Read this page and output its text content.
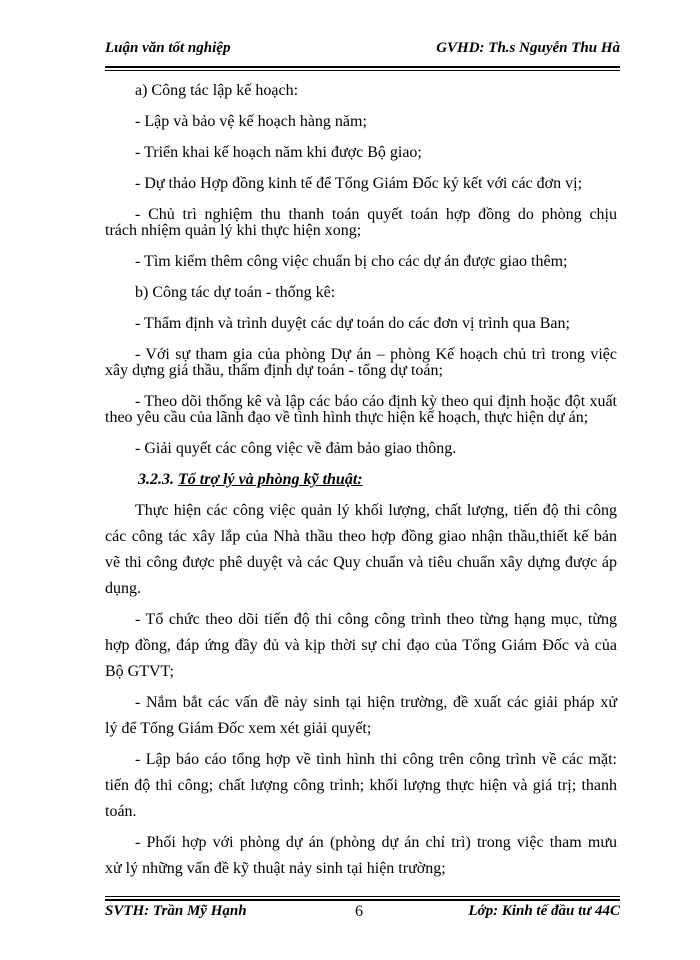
Luận văn tốt nghiệp	GVHD: Th.s Nguyễn Thu Hà
a) Công tác lập kế hoạch:
- Lập và bảo vệ kế hoạch hàng năm;
- Triển khai kế hoạch năm khi được Bộ giao;
- Dự thảo Hợp đồng kinh tế để Tổng Giám Đốc ký kết với các đơn vị;
- Chủ trì nghiệm thu thanh toán quyết toán hợp đồng do phòng chịu
trách nhiệm quản lý khi thực hiện xong;
- Tìm kiếm thêm công việc chuẩn bị cho các dự án được giao thêm;
b) Công tác dự toán - thống kê:
- Thẩm định và trình duyệt các dự toán do các đơn vị trình qua Ban;
- Với sự tham gia của phòng Dự án – phòng Kế hoạch chủ trì trong việc
xây dựng giá thầu, thẩm định dự toán - tổng dự toán;
- Theo dõi thống kê và lập các báo cáo định kỳ theo qui định hoặc đột xuất
theo yêu cầu của lãnh đạo về tình hình thực hiện kế hoạch, thực hiện dự án;
- Giải quyết các công việc về đảm bảo giao thông.
3.2.3. Tổ trợ lý và phòng kỹ thuật:
Thực hiện các công việc quản lý khối lượng, chất lượng, tiến độ thi công
các công tác xây lắp của Nhà thầu theo hợp đồng giao nhận thầu,thiết kế bản
vẽ thi công được phê duyệt và các Quy chuẩn và tiêu chuẩn xây dựng được áp
dụng.
- Tổ chức theo dõi tiến độ thi công công trình theo từng hạng mục, từng
hợp đồng, đáp ứng đầy đủ và kịp thời sự chỉ đạo của Tổng Giám Đốc và của
Bộ GTVT;
- Nắm bắt các vấn đề nảy sinh tại hiện trường, đề xuất các giải pháp xử
lý để Tổng Giám Đốc xem xét giải quyết;
- Lập báo cáo tổng hợp về tình hình thi công trên công trình về các mặt:
tiến độ thi công; chất lượng công trình; khối lượng thực hiện và giá trị; thanh
toán.
- Phối hợp với phòng dự án (phòng dự án chỉ trì) trong việc tham mưu
xử lý những vấn đề kỹ thuật nảy sinh tại hiện trường;
SVTH: Trần Mỹ Hạnh	6	Lớp: Kinh tế đầu tư 44C
